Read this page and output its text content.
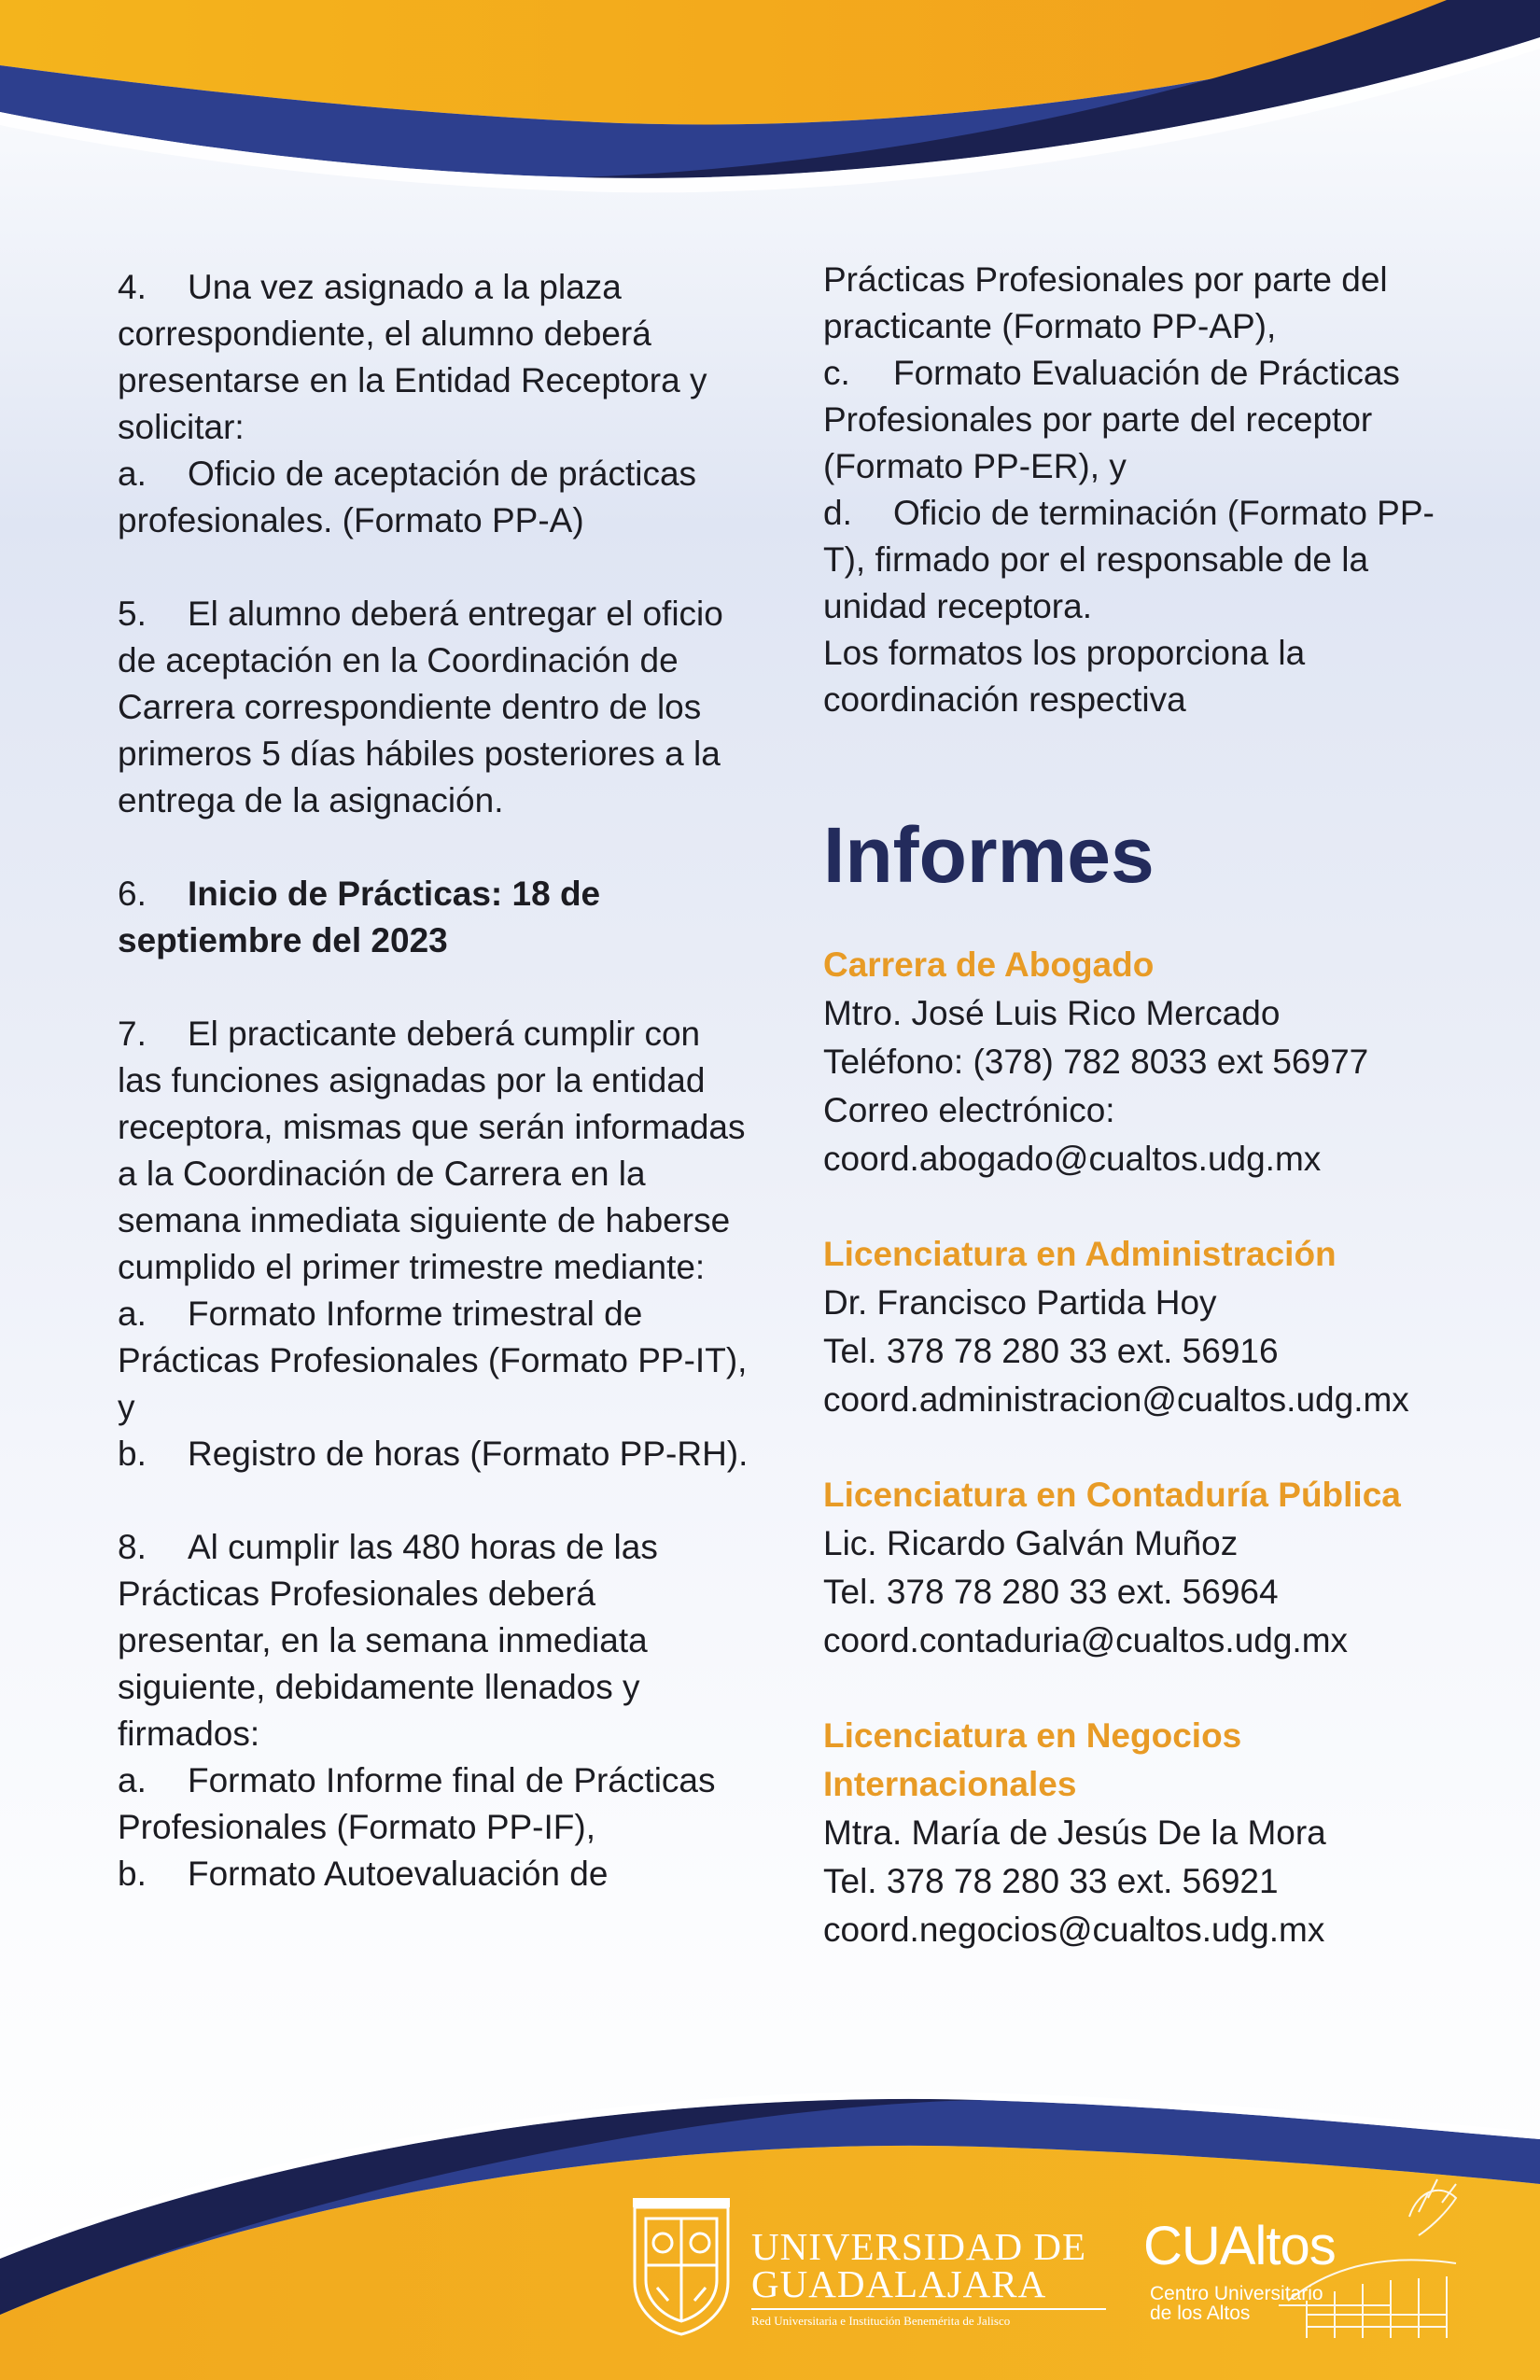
4. Una vez asignado a la plaza correspondiente, el alumno deberá presentarse en la Entidad Receptora y solicitar:

a. Oficio de aceptación de prácticas profesionales. (Formato PP-A)

5. El alumno deberá entregar el oficio de aceptación en la Coordinación de Carrera correspondiente dentro de los primeros 5 días hábiles posteriores a la entrega de la asignación.

6. Inicio de Prácticas: 18 de septiembre del 2023

7. El practicante deberá cumplir con las funciones asignadas por la entidad receptora, mismas que serán informadas a la Coordinación de Carrera en la semana inmediata siguiente de haberse cumplido el primer trimestre mediante:

a. Formato Informe trimestral de Prácticas Profesionales (Formato PP-IT), y

b. Registro de horas (Formato PP-RH).

8. Al cumplir las 480 horas de las Prácticas Profesionales deberá presentar, en la semana inmediata siguiente, debidamente llenados y firmados:

a. Formato Informe final de Prácticas Profesionales (Formato PP-IF),

b. Formato Autoevaluación de

Prácticas Profesionales por parte del practicante (Formato PP-AP),

c. Formato Evaluación de Prácticas Profesionales por parte del receptor (Formato PP-ER), y

d. Oficio de terminación (Formato PP-T), firmado por el responsable de la unidad receptora.

Los formatos los proporciona la coordinación respectiva

Informes
Carrera de Abogado

Mtro. José Luis Rico Mercado

Teléfono: (378) 782 8033 ext 56977

Correo electrónico:

coord.abogado@cualtos.udg.mx

Licenciatura en Administración

Dr. Francisco Partida Hoy

Tel. 378 78 280 33 ext. 56916

coord.administracion@cualtos.udg.mx

Licenciatura en Contaduría Pública

Lic. Ricardo Galván Muñoz

Tel. 378 78 280 33 ext. 56964

coord.contaduria@cualtos.udg.mx

Licenciatura en Negocios Internacionales

Mtra. María de Jesús De la Mora

Tel. 378 78 280 33 ext. 56921

coord.negocios@cualtos.udg.mx

UNIVERSIDAD DE
GUADALAJARA
Red Universitaria e Institución Benemérita de Jalisco
CUAltos
Centro Universitario
de los Altos
